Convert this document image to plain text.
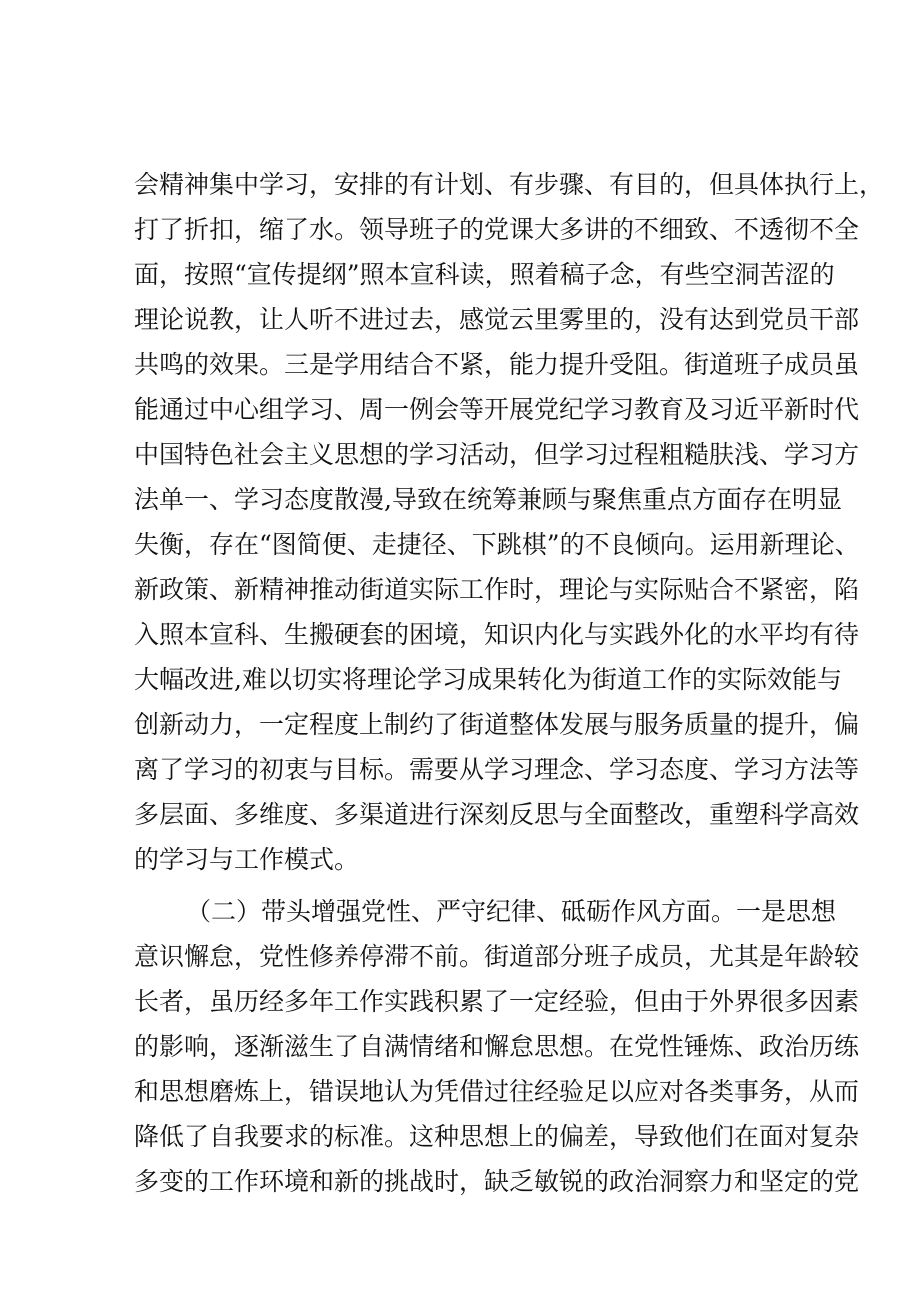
会精神集中学习，安排的有计划、有步骤、有目的，但具体执行上，
打了折扣，缩了水。领导班子的党课大多讲的不细致、不透彻不全
面，按照“宣传提纲”照本宣科读，照着稿子念，有些空洞苦涩的
理论说教，让人听不进过去，感觉云里雾里的，没有达到党员干部
共鸣的效果。三是学用结合不紧，能力提升受阻。街道班子成员虽
能通过中心组学习、周一例会等开展党纪学习教育及习近平新时代
中国特色社会主义思想的学习活动，但学习过程粗糙肤浅、学习方
法单一、学习态度散漫,导致在统筹兼顾与聚焦重点方面存在明显
失衡，存在“图简便、走捷径、下跳棋”的不良倾向。运用新理论、
新政策、新精神推动街道实际工作时，理论与实际贴合不紧密，陷
入照本宣科、生搬硬套的困境，知识内化与实践外化的水平均有待
大幅改进,难以切实将理论学习成果转化为街道工作的实际效能与
创新动力，一定程度上制约了街道整体发展与服务质量的提升，偏
离了学习的初衷与目标。需要从学习理念、学习态度、学习方法等
多层面、多维度、多渠道进行深刻反思与全面整改，重塑科学高效
的学习与工作模式。
（二）带头增强党性、严守纪律、砥砺作风方面。一是思想
意识懈怠，党性修养停滞不前。街道部分班子成员，尤其是年龄较
长者，虽历经多年工作实践积累了一定经验，但由于外界很多因素
的影响，逐渐滋生了自满情绪和懈怠思想。在党性锤炼、政治历练
和思想磨炼上，错误地认为凭借过往经验足以应对各类事务，从而
降低了自我要求的标准。这种思想上的偏差，导致他们在面对复杂
多变的工作环境和新的挑战时，缺乏敏锐的政治洞察力和坚定的党
